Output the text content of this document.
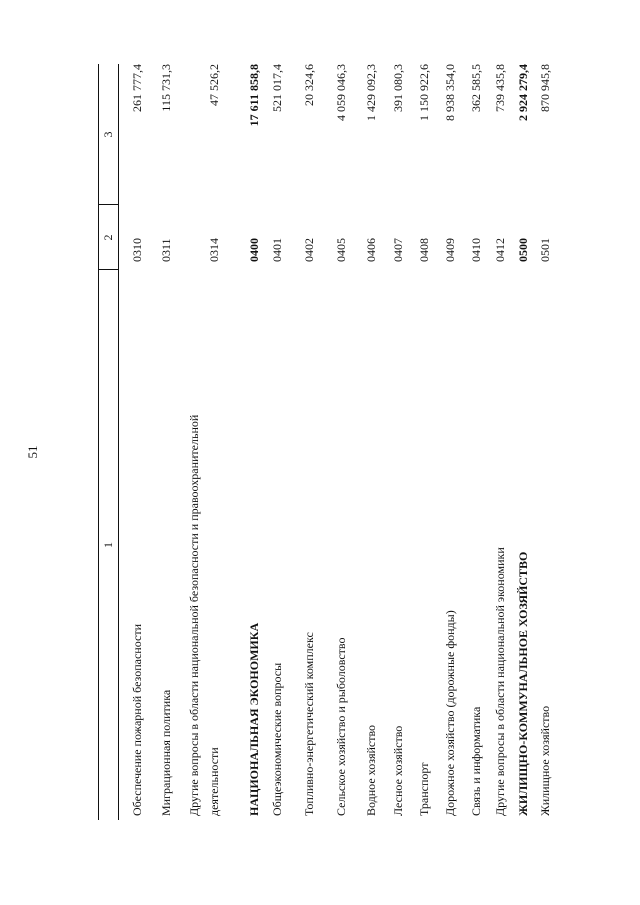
51
1
2
3
Обеспечение пожарной безопасности
0310
261 777,4
Миграционная политика
0311
115 731,3
Другие вопросы в области национальной безопасности и правоохранительной деятельности
0314
47 526,2
НАЦИОНАЛЬНАЯ ЭКОНОМИКА
0400
17 611 858,8
Общеэкономические вопросы
0401
521 017,4
Топливно-энергетический комплекс
0402
20 324,6
Сельское хозяйство и рыболовство
0405
4 059 046,3
Водное хозяйство
0406
1 429 092,3
Лесное хозяйство
0407
391 080,3
Транспорт
0408
1 150 922,6
Дорожное хозяйство (дорожные фонды)
0409
8 938 354,0
Связь и информатика
0410
362 585,5
Другие вопросы в области национальной экономики
0412
739 435,8
ЖИЛИЩНО-КОММУНАЛЬНОЕ ХОЗЯЙСТВО
0500
2 924 279,4
Жилищное хозяйство
0501
870 945,8
